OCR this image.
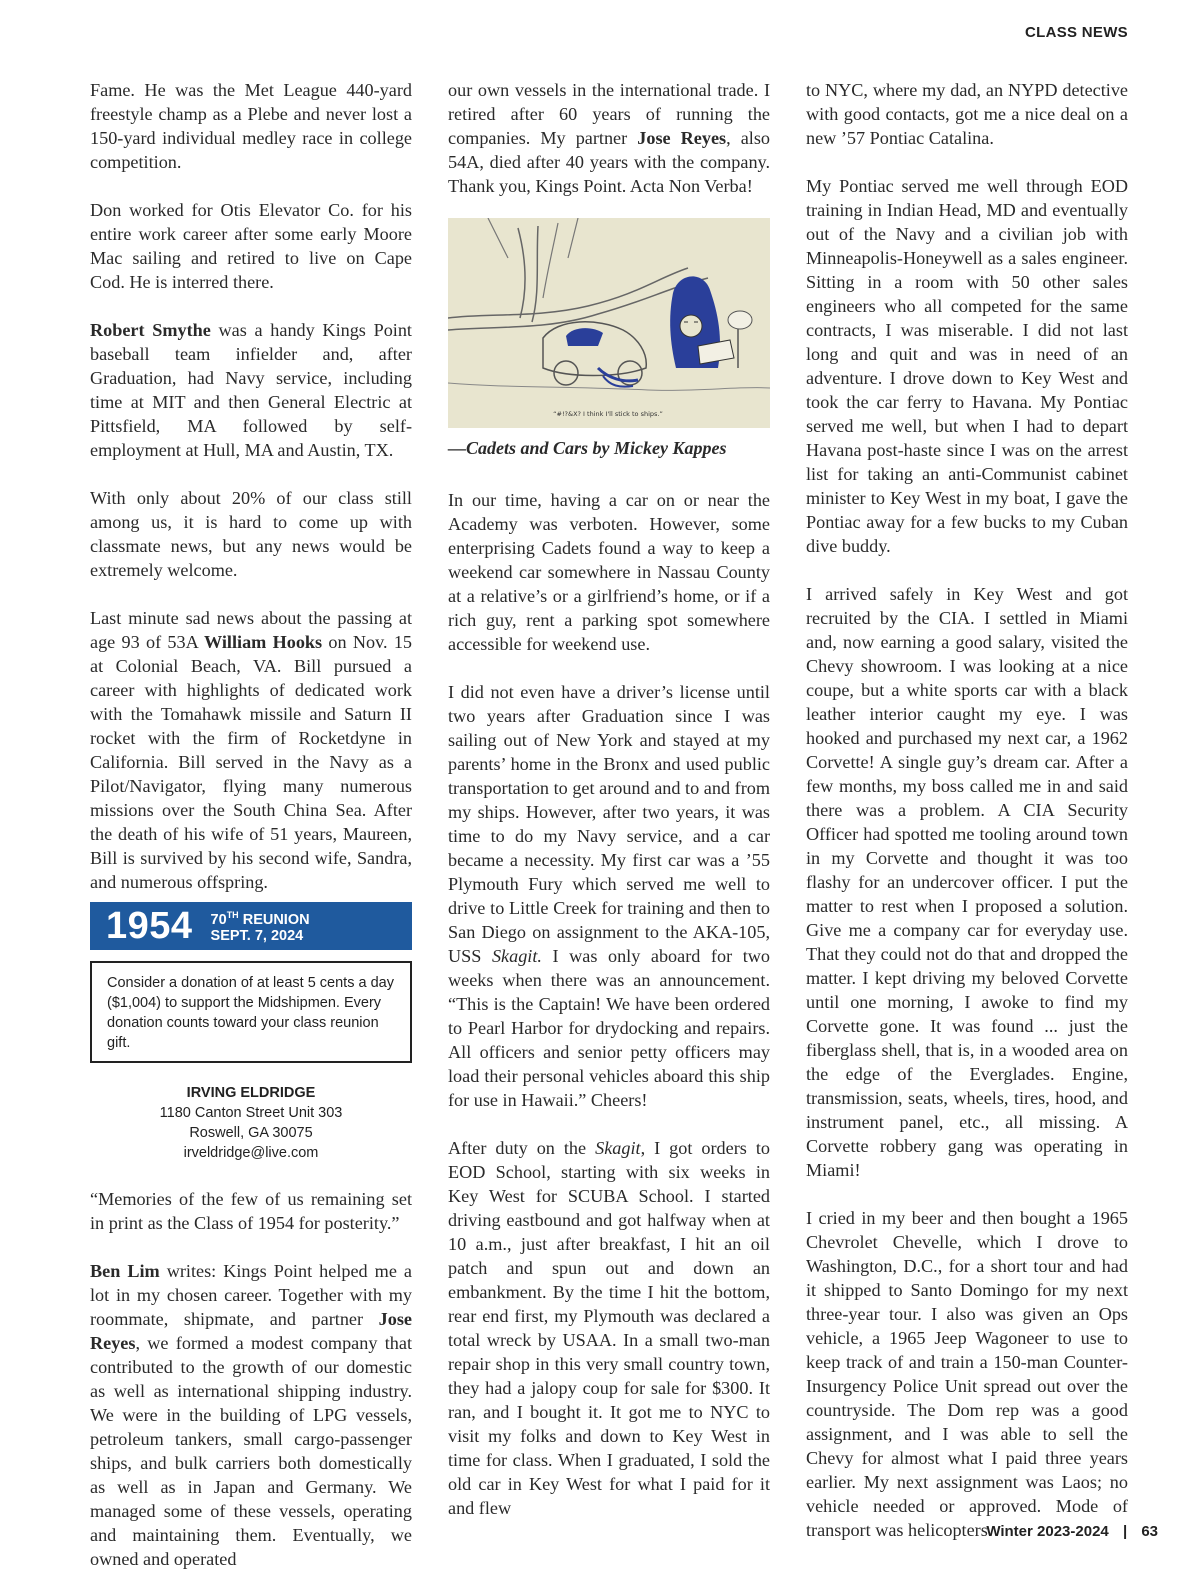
CLASS NEWS

Fame. He was the Met League 440-yard freestyle champ as a Plebe and never lost a 150-yard individual medley race in college competition.

Don worked for Otis Elevator Co. for his entire work career after some early Moore Mac sailing and retired to live on Cape Cod. He is interred there.

Robert Smythe was a handy Kings Point baseball team infielder and, after Graduation, had Navy service, including time at MIT and then General Electric at Pittsfield, MA followed by self-employment at Hull, MA and Austin, TX.

With only about 20% of our class still among us, it is hard to come up with classmate news, but any news would be extremely welcome.

Last minute sad news about the passing at age 93 of 53A William Hooks on Nov. 15 at Colonial Beach, VA. Bill pursued a career with highlights of dedicated work with the Tomahawk missile and Saturn II rocket with the firm of Rocketdyne in California. Bill served in the Navy as a Pilot/Navigator, flying many numerous missions over the South China Sea. After the death of his wife of 51 years, Maureen, Bill is survived by his second wife, Sandra, and numerous offspring.

1954 70TH REUNION
SEPT. 7, 2024
Consider a donation of at least 5 cents a day ($1,004) to support the Midshipmen. Every donation counts toward your class reunion gift.
IRVING ELDRIDGE
1180 Canton Street Unit 303
Roswell, GA 30075
irveldridge@live.com

“Memories of the few of us remaining set in print as the Class of 1954 for posterity.”

Ben Lim writes: Kings Point helped me a lot in my chosen career. Together with my roommate, shipmate, and partner Jose Reyes, we formed a modest company that contributed to the growth of our domestic as well as international shipping industry. We were in the building of LPG vessels, petroleum tankers, small cargo-passenger ships, and bulk carriers both domestically as well as in Japan and Germany. We managed some of these vessels, operating and maintaining them. Eventually, we owned and operated

our own vessels in the international trade. I retired after 60 years of running the companies. My partner Jose Reyes, also 54A, died after 40 years with the company. Thank you, Kings Point. Acta Non Verba!

“#!?&X? I think I'll stick to ships.”
—Cadets and Cars by Mickey Kappes

In our time, having a car on or near the Academy was verboten. However, some enterprising Cadets found a way to keep a weekend car somewhere in Nassau County at a relative’s or a girlfriend’s home, or if a rich guy, rent a parking spot somewhere accessible for weekend use.

I did not even have a driver’s license until two years after Graduation since I was sailing out of New York and stayed at my parents’ home in the Bronx and used public transportation to get around and to and from my ships. However, after two years, it was time to do my Navy service, and a car became a necessity. My first car was a ’55 Plymouth Fury which served me well to drive to Little Creek for training and then to San Diego on assignment to the AKA-105, USS Skagit. I was only aboard for two weeks when there was an announcement. “This is the Captain! We have been ordered to Pearl Harbor for drydocking and repairs. All officers and senior petty officers may load their personal vehicles aboard this ship for use in Hawaii.” Cheers!

After duty on the Skagit, I got orders to EOD School, starting with six weeks in Key West for SCUBA School. I started driving eastbound and got halfway when at 10 a.m., just after breakfast, I hit an oil patch and spun out and down an embankment. By the time I hit the bottom, rear end first, my Plymouth was declared a total wreck by USAA. In a small two-man repair shop in this very small country town, they had a jalopy coup for sale for $300. It ran, and I bought it. It got me to NYC to visit my folks and down to Key West in time for class. When I graduated, I sold the old car in Key West for what I paid for it and flew

to NYC, where my dad, an NYPD detective with good contacts, got me a nice deal on a new ’57 Pontiac Catalina.

My Pontiac served me well through EOD training in Indian Head, MD and eventually out of the Navy and a civilian job with Minneapolis-Honeywell as a sales engineer. Sitting in a room with 50 other sales engineers who all competed for the same contracts, I was miserable. I did not last long and quit and was in need of an adventure. I drove down to Key West and took the car ferry to Havana. My Pontiac served me well, but when I had to depart Havana post-haste since I was on the arrest list for taking an anti-Communist cabinet minister to Key West in my boat, I gave the Pontiac away for a few bucks to my Cuban dive buddy.

I arrived safely in Key West and got recruited by the CIA. I settled in Miami and, now earning a good salary, visited the Chevy showroom. I was looking at a nice coupe, but a white sports car with a black leather interior caught my eye. I was hooked and purchased my next car, a 1962 Corvette! A single guy’s dream car. After a few months, my boss called me in and said there was a problem. A CIA Security Officer had spotted me tooling around town in my Corvette and thought it was too flashy for an undercover officer. I put the matter to rest when I proposed a solution. Give me a company car for everyday use. That they could not do that and dropped the matter. I kept driving my beloved Corvette until one morning, I awoke to find my Corvette gone. It was found ... just the fiberglass shell, that is, in a wooded area on the edge of the Everglades. Engine, transmission, seats, wheels, tires, hood, and instrument panel, etc., all missing. A Corvette robbery gang was operating in Miami!

I cried in my beer and then bought a 1965 Chevrolet Chevelle, which I drove to Washington, D.C., for a short tour and had it shipped to Santo Domingo for my next three-year tour. I also was given an Ops vehicle, a 1965 Jeep Wagoneer to use to keep track of and train a 150-man Counter-Insurgency Police Unit spread out over the countryside. The Dom rep was a good assignment, and I was able to sell the Chevy for almost what I paid three years earlier. My next assignment was Laos; no vehicle needed or approved. Mode of transport was helicopters.

Winter 2023-2024 | 63
